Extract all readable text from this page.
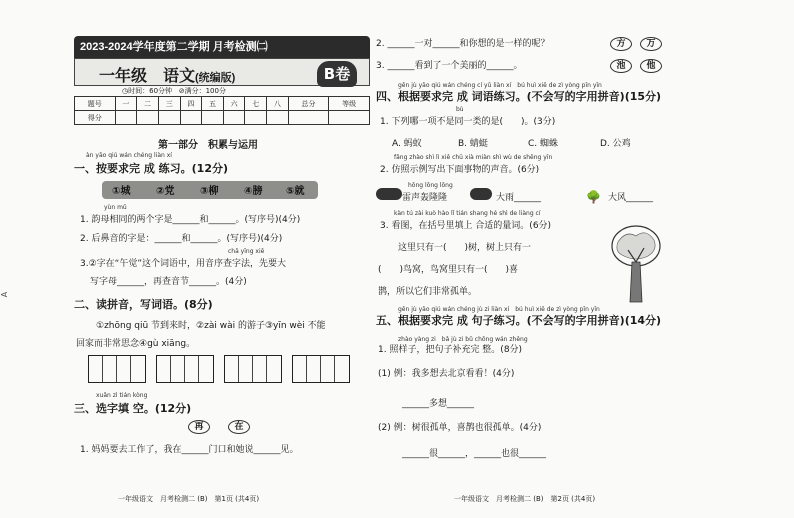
2023-2024学年度第二学期 月考检测㈡
一年级　语文(统编版)	B卷
◷时间：60分钟 ⊘满分：100分
题号	一	二	三	四	五	六	七	八	总分	等级
得分										
第一部分　积累与运用
àn yāo qiú wán chéng liàn xí
一、按要求完 成 练习。(12分)
①城	②党	③柳	④膀 ⑤就
yùn mǔ
1. 韵母相同的两个字是______和______。(写序号)(4分)
2. 后鼻音的字是：______和______。(写序号)(4分)
chā yīng xiě
3.②字在“午觉”这个词语中，用音序查字法，先要大
写字母______，再查音节______。(4分)
二、读拼音，写词语。(8分)
①zhōng qiū 节到来时，②zài wài 的游子③yīn wèi 不能
回家而非常思念④gù xiāng。
xuǎn zì tián kòng
三、选字填 空。(12分)
再	在
1. 妈妈要去工作了，我在______门口和她说______见。
一年级语文　月考检测二 (B)　第1页 (共4页)
A
2. ______一对______和你想的是一样的呢？	方	万
3. ______看到了一个美丽的______。	池	他
gēn jù yāo qiú wán chéng cí yǔ liàn xí　bú huì xiě de zì yòng pīn yīn
四、根据要求完 成 词语练习。(不会写的字用拼音)(15分)
bù
1. 下列哪一项不是同一类的是(　　)。(3分)
A. 蚂蚁	B. 蜻蜓	C. 蜘蛛	D. 公鸡
fǎng zhào shì lì xiě chū xià miàn shì wù de shēng yīn
2. 仿照示例写出下面事物的声音。(6分)
hōng lōng lōng
雷声轰隆隆	大雨______	🌳 大风______
kàn tú zài kuò hào lǐ tián shang hé shì de liàng cí
3. 看图，在括号里填上 合适的量词。(6分)
这里只有一(　　)树，树上只有一
(　　)鸟窝，鸟窝里只有一(　　)喜
鹊，所以它们非常孤单。
gēn jù yāo qiú wán chéng jù zi liàn xí　bú huì xiě de zì yòng pīn yīn
五、根据要求完 成 句子练习。(不会写的字用拼音)(14分)
zhào yàng zi　bǎ jù zi bǔ chōng wán zhěng
1. 照样子，把句子补充完 整。(8分)
(1) 例：我多想去北京看看！(4分)
______多想______
(2) 例：树很孤单，喜鹊也很孤单。(4分)
______很______，______也很______
一年级语文　月考检测二 (B)　第2页 (共4页)
